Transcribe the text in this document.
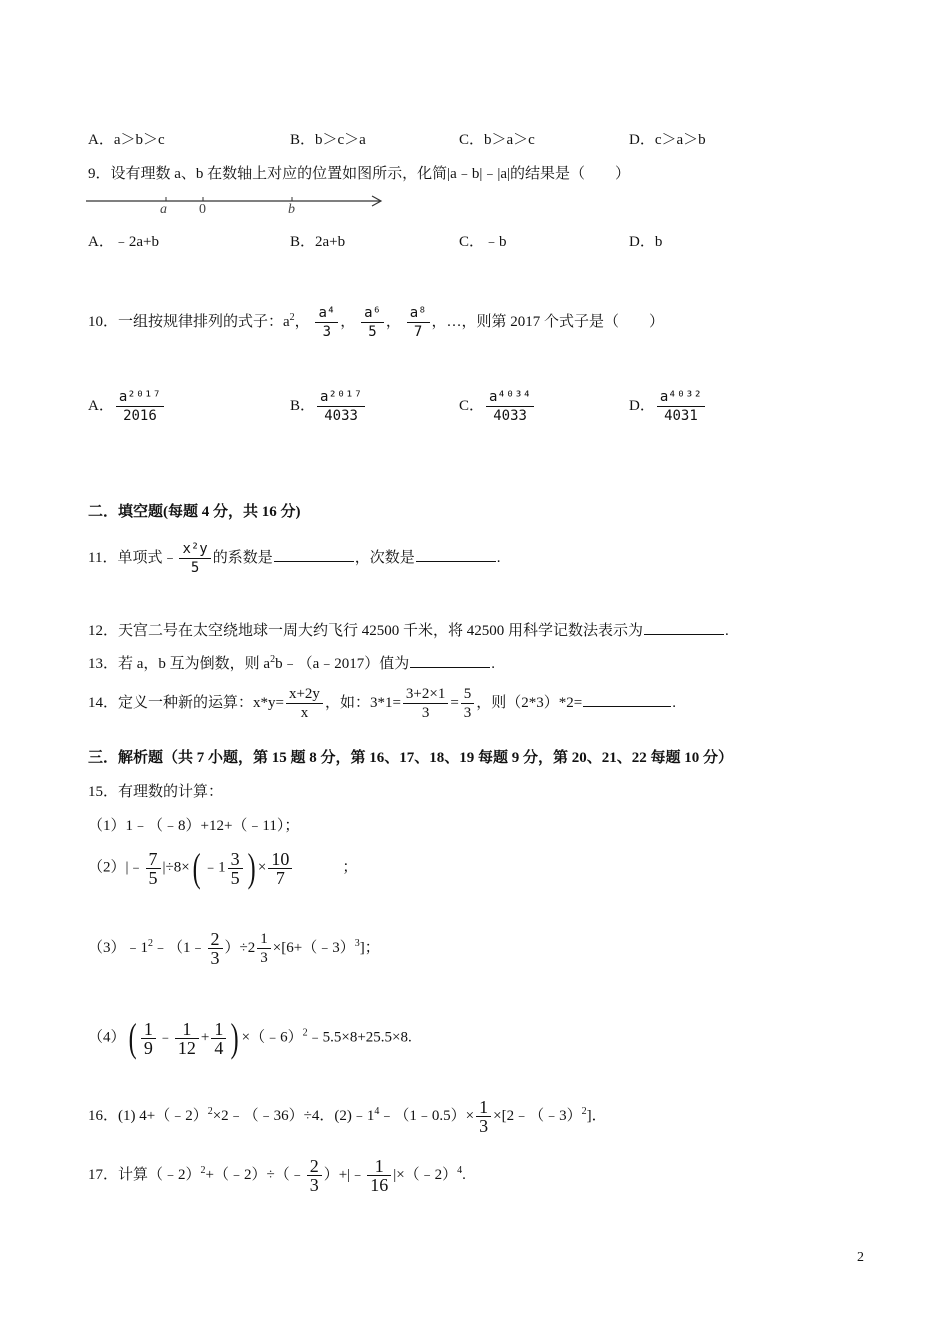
A．a＞b＞c	B．b＞c＞a	C．b＞a＞c	D．c＞a＞b
9．设有理数 a、b 在数轴上对应的位置如图所示，化简|a﹣b|﹣|a|的结果是（　　）
a 0	b
A．﹣2a+b	B．2a+b	C．﹣b	D．b
10．一组按规律排列的式子：$a^2$， $\frac{\text{a⁴}}{3}$ ， $\frac{\text{a⁶}}{5}$ ， $\frac{\text{a⁸}}{7}$ ，…，则第 2017 个式子是（　　）
A． $\frac{\text{a²⁰¹⁷}}{2016}$	B． $\frac{\text{a²⁰¹⁷}}{4033}$	C． $\frac{\text{a⁴⁰³⁴}}{4033}$	D． $\frac{\text{a⁴⁰³²}}{4031}$
二．填空题(每题 4 分，共 16 分)
11．单项式﹣ $\frac{\text{x²y}}{5}$ 的系数是	，次数是	.
12．天宫二号在太空绕地球一周大约飞行 42500 千米，将 42500 用科学记数法表示为	.
13．若 a，b 互为倒数，则 $a^2b﹣(a﹣2017)$值为	.
14．定义一种新的运算：$x*y= \frac{x+2y}{x}$ ，如：$3*1= \frac{3+2\times 1}{3} = \frac{5}{3}$ ，则（2*3）*2=	.
三．解析题（共 7 小题，第 15 题 8 分，第 16、17、18、19 每题 9 分，第 20、21、22 每题 10 分）
15．有理数的计算：
（1）1﹣（﹣8）+12+（﹣11）；
（2）|﹣ $\frac{7}{5} |\div 8\times$( ﹣1 $\frac{3}{5}$ ) × $\frac{10}{7}$	；
$(3)﹣1^2﹣(1﹣ \frac{2}{3} )\div 2 \frac{1}{3}$ ×[6+（﹣3）$^3$]；
$(4)( \frac{1}{9}$ ﹣ $\frac{1}{12} + \frac{1}{4}$ ) ×（﹣6）$^2$﹣5.5×8+25.5×8.
16．(1) 4+（﹣2）$^2$×2﹣（﹣36）÷4．$(2)﹣1^4﹣(1﹣0.5)\times \frac{1}{3}$ ×[2﹣（﹣3）$^2$]．
17．计算（﹣2）$^2$+（﹣2）÷（﹣ $\frac{2}{3}$ ）+|﹣ $\frac{1}{16}$ |×（﹣2）$^4$.
2
